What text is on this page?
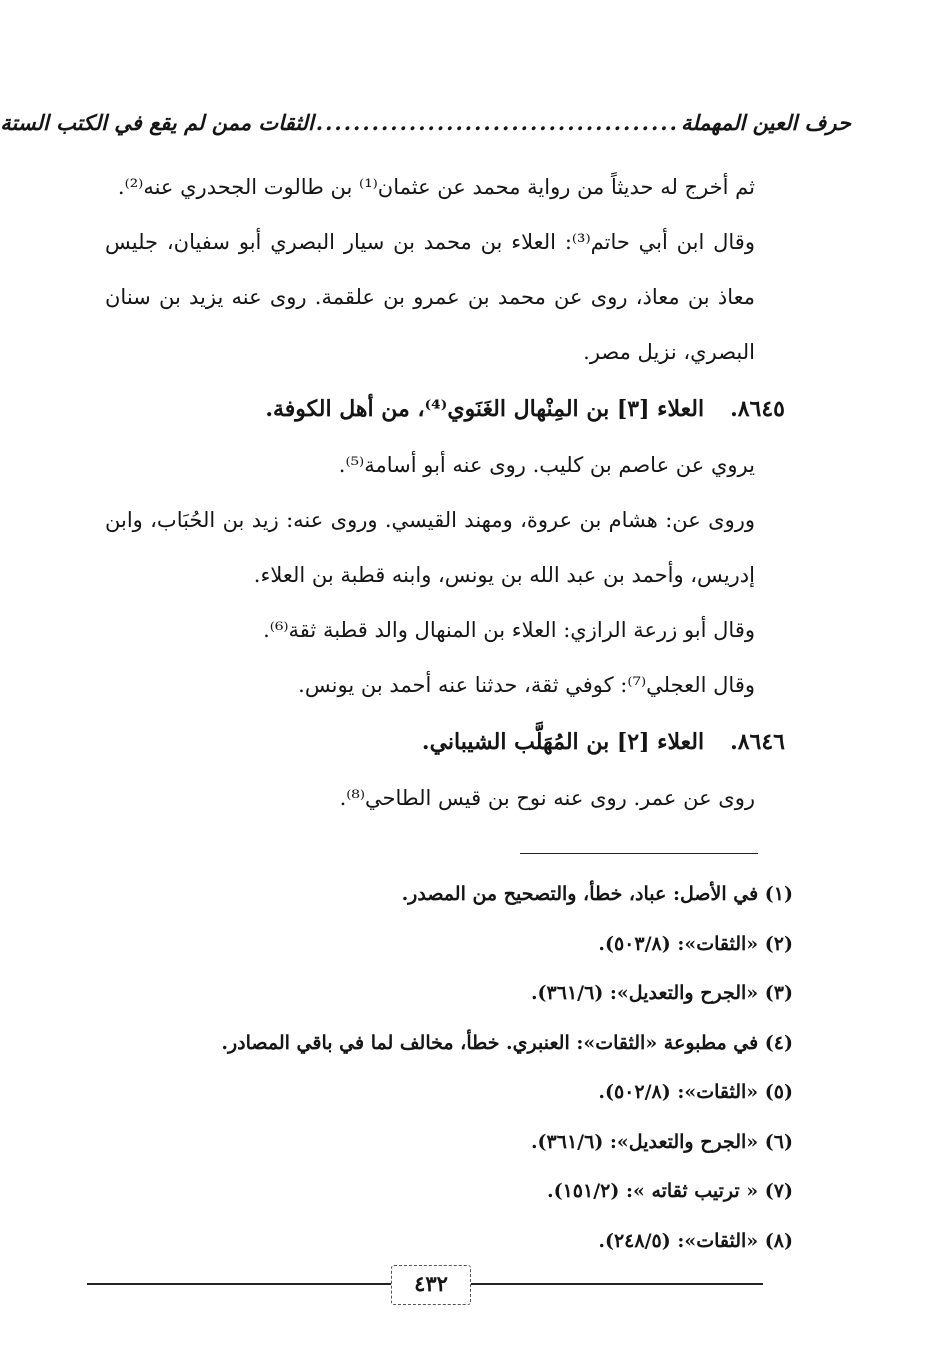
حرف العين المهملة
.......................................
الثقات ممن لم يقع في الكتب الستة

ثم أخرج له حديثاً من رواية محمد عن عثمان⁽¹⁾ بن طالوت الجحدري عنه⁽²⁾.

وقال ابن أبي حاتم⁽³⁾: العلاء بن محمد بن سيار البصري أبو سفيان، جليس معاذ بن معاذ، روى عن محمد بن عمرو بن علقمة. روى عنه يزيد بن سنان البصري، نزيل مصر.

٨٦٤٥.العلاء [٣] بن المِنْهال الغَنَوي⁽⁴⁾، من أهل الكوفة.

يروي عن عاصم بن كليب. روى عنه أبو أسامة⁽⁵⁾.

وروى عن: هشام بن عروة، ومهند القيسي. وروى عنه: زيد بن الحُبَاب، وابن إدريس، وأحمد بن عبد الله بن يونس، وابنه قطبة بن العلاء.

وقال أبو زرعة الرازي: العلاء بن المنهال والد قطبة ثقة⁽⁶⁾.

وقال العجلي⁽⁷⁾: كوفي ثقة، حدثنا عنه أحمد بن يونس.

٨٦٤٦.العلاء [٢] بن المُهَلَّب الشيباني.

روى عن عمر. روى عنه نوح بن قيس الطاحي⁽⁸⁾.

(١) في الأصل: عباد، خطأ، والتصحيح من المصدر.

(٢) «الثقات»: (٥٠٣/٨).

(٣) «الجرح والتعديل»: (٣٦١/٦).

(٤) في مطبوعة «الثقات»: العنبري. خطأ، مخالف لما في باقي المصادر.

(٥) «الثقات»: (٥٠٢/٨).

(٦) «الجرح والتعديل»: (٣٦١/٦).

(٧) « ترتيب ثقاته »: (١٥١/٢).

(٨) «الثقات»: (٢٤٨/٥).

٤٣٢
